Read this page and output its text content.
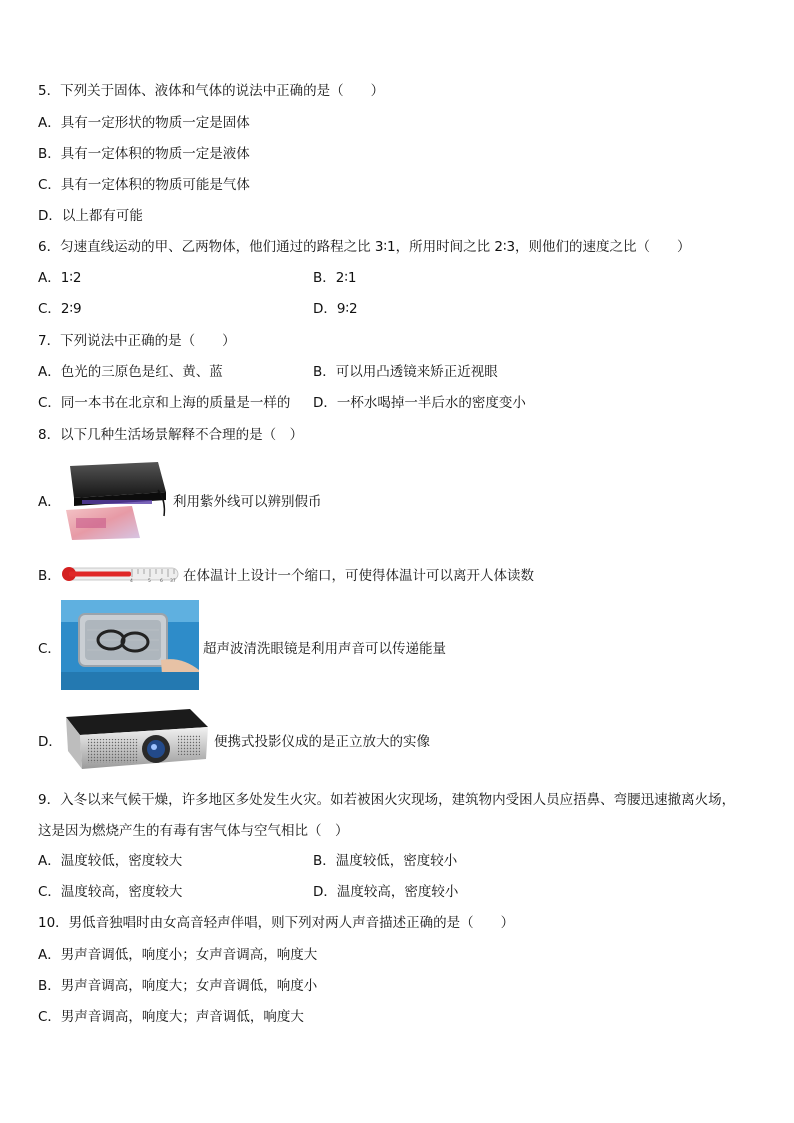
5．下列关于固体、液体和气体的说法中正确的是（　　）
A．具有一定形状的物质一定是固体
B．具有一定体积的物质一定是液体
C．具有一定体积的物质可能是气体
D．以上都有可能
6．匀速直线运动的甲、乙两物体，他们通过的路程之比 3∶1，所用时间之比 2∶3，则他们的速度之比（　　）
A．1∶2	B．2∶1
C．2∶9	D．9∶2
7．下列说法中正确的是（　　）
A．色光的三原色是红、黄、蓝	B．可以用凸透镜来矫正近视眼
C．同一本书在北京和上海的质量是一样的 D．一杯水喝掉一半后水的密度变小
8．以下几种生活场景解释不合理的是（　）
A．	利用紫外线可以辨别假币
B．	4	5 6 37 在体温计上设计一个缩口，可使得体温计可以离开人体读数
C．	超声波清洗眼镜是利用声音可以传递能量
D．	便携式投影仪成的是正立放大的实像
9．入冬以来气候干燥，许多地区多处发生火灾。如若被困火灾现场，建筑物内受困人员应捂鼻、弯腰迅速撤离火场，
这是因为燃烧产生的有毒有害气体与空气相比（　）
A．温度较低，密度较大	B．温度较低，密度较小
C．温度较高，密度较大	D．温度较高，密度较小
10．男低音独唱时由女高音轻声伴唱，则下列对两人声音描述正确的是（　　）
A．男声音调低，响度小；女声音调高，响度大
B．男声音调高，响度大；女声音调低，响度小
C．男声音调高，响度大；声音调低，响度大
